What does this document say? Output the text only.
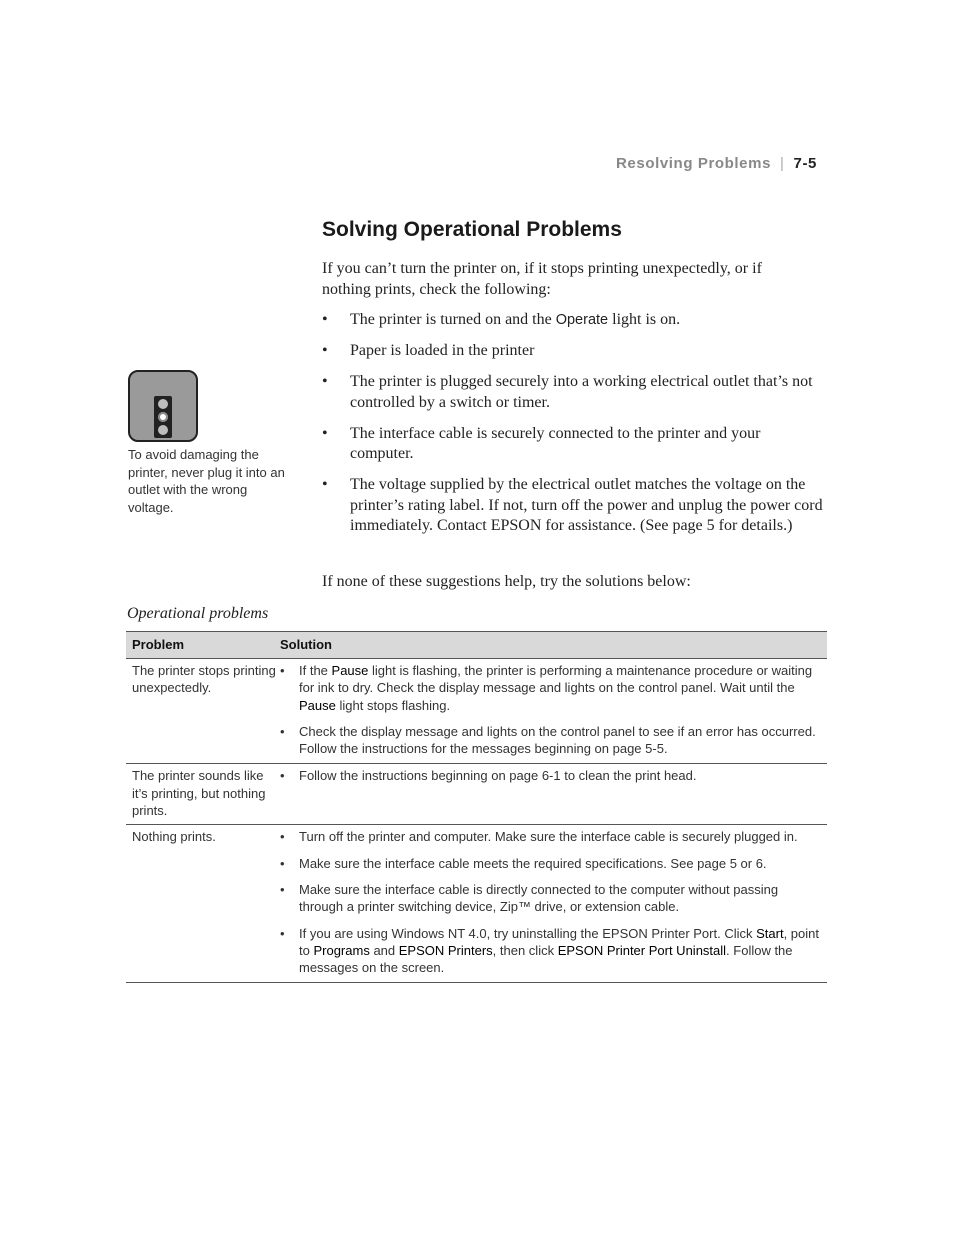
Resolving Problems | 7-5
Solving Operational Problems

If you can’t turn the printer on, if it stops printing unexpectedly, or if nothing prints, check the following:

• The printer is turned on and the Operate light is on.
• Paper is loaded in the printer
• The printer is plugged securely into a working electrical outlet that’s not controlled by a switch or timer.
• The interface cable is securely connected to the printer and your computer.
• The voltage supplied by the electrical outlet matches the voltage on the printer’s rating label. If not, turn off the power and unplug the power cord immediately. Contact EPSON for assistance. (See page 5 for details.)

If none of these suggestions help, try the solutions below:

To avoid damaging the printer, never plug it into an outlet with the wrong voltage.

Operational problems

Problem	Solution
The printer stops printing unexpectedly.
• If the Pause light is flashing, the printer is performing a maintenance procedure or waiting for ink to dry. Check the display message and lights on the control panel. Wait until the Pause light stops flashing.
• Check the display message and lights on the control panel to see if an error has occurred. Follow the instructions for the messages beginning on page 5-5.
The printer sounds like it’s printing, but nothing prints.
• Follow the instructions beginning on page 6-1 to clean the print head.
Nothing prints.	• Turn off the printer and computer. Make sure the interface cable is securely plugged in.
• Make sure the interface cable meets the required specifications. See page 5 or 6.
• Make sure the interface cable is directly connected to the computer without passing through a printer switching device, Zip™ drive, or extension cable.
• If you are using Windows NT 4.0, try uninstalling the EPSON Printer Port. Click Start, point to Programs and EPSON Printers, then click EPSON Printer Port Uninstall. Follow the messages on the screen.
